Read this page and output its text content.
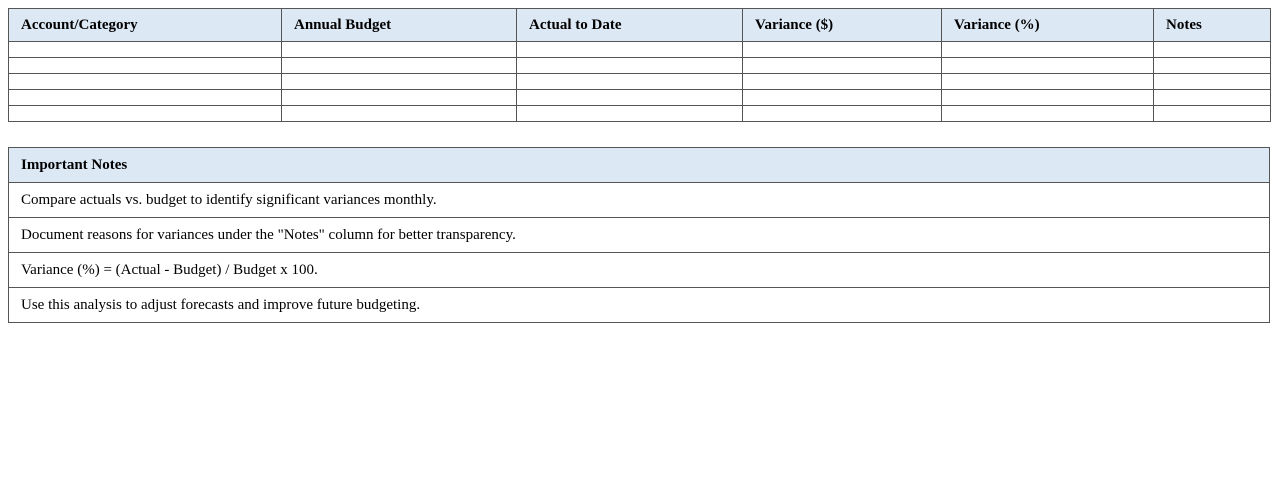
Account/Category	Annual Budget	Actual to Date	Variance ($)	Variance (%)	Notes

Important Notes
Compare actuals vs. budget to identify significant variances monthly.
Document reasons for variances under the "Notes" column for better transparency.
Variance (%) = (Actual - Budget) / Budget x 100.
Use this analysis to adjust forecasts and improve future budgeting.
